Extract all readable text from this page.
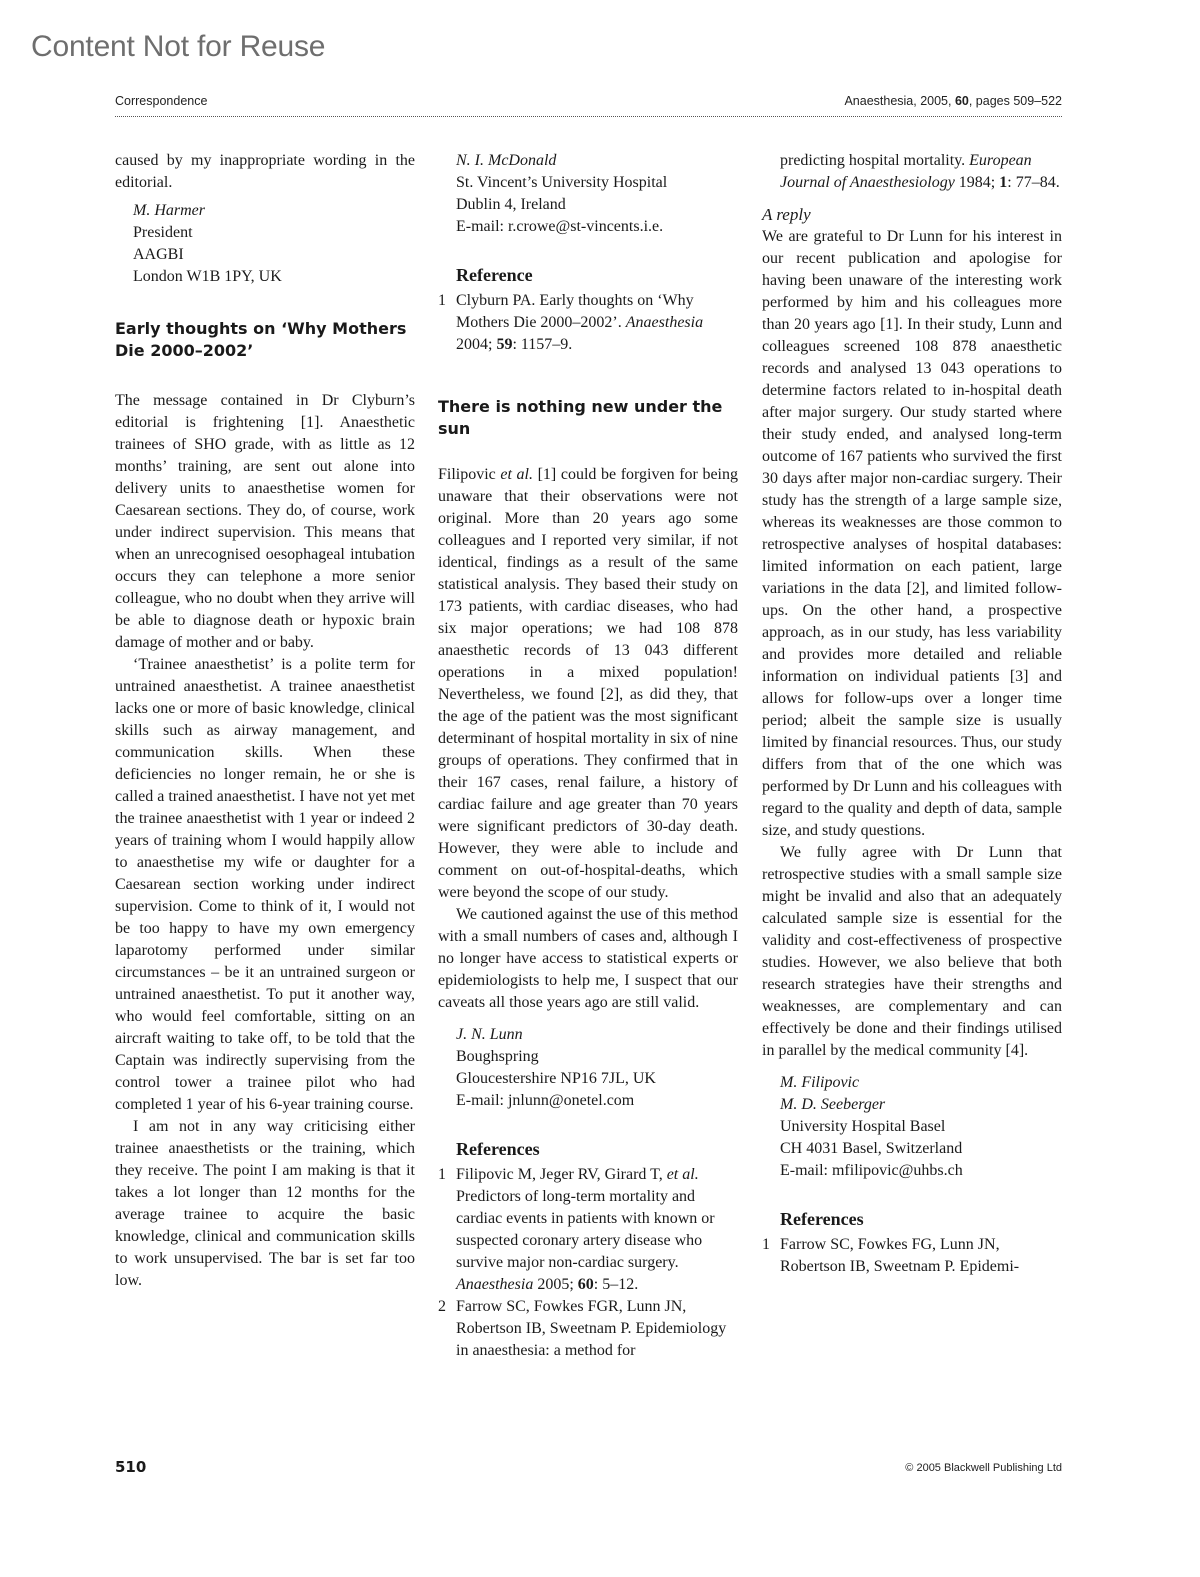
Content Not for Reuse
Correspondence	Anaesthesia, 2005, 60, pages 509–522

caused by my inappropriate wording in the editorial.

M. Harmer
President
AAGBI
London W1B 1PY, UK
Early thoughts on ‘Why Mothers Die 2000–2002’

The message contained in Dr Clyburn’s editorial is frightening [1]. Anaesthetic trainees of SHO grade, with as little as 12 months’ training, are sent out alone into delivery units to anaesthetise women for Caesarean sections. They do, of course, work under indirect supervision. This means that when an unrecognised oesophageal intubation occurs they can telephone a more senior colleague, who no doubt when they arrive will be able to diagnose death or hypoxic brain damage of mother and or baby.

‘Trainee anaesthetist’ is a polite term for untrained anaesthetist. A trainee anaesthetist lacks one or more of basic knowledge, clinical skills such as airway management, and communication skills. When these deficiencies no longer remain, he or she is called a trained anaesthetist. I have not yet met the trainee anaesthetist with 1 year or indeed 2 years of training whom I would happily allow to anaesthetise my wife or daughter for a Caesarean section working under indirect supervision. Come to think of it, I would not be too happy to have my own emergency laparotomy performed under similar circumstances – be it an untrained surgeon or untrained anaesthetist. To put it another way, who would feel comfortable, sitting on an aircraft waiting to take off, to be told that the Captain was indirectly supervising from the control tower a trainee pilot who had completed 1 year of his 6-year training course.

I am not in any way criticising either trainee anaesthetists or the training, which they receive. The point I am making is that it takes a lot longer than 12 months for the average trainee to acquire the basic knowledge, clinical and communication skills to work unsupervised. The bar is set far too low.

N. I. McDonald
St. Vincent’s University Hospital
Dublin 4, Ireland
E-mail: r.crowe@st-vincents.i.e.
Reference
1 Clyburn PA. Early thoughts on ‘Why Mothers Die 2000–2002’. Anaesthesia 2004; 59: 1157–9.
There is nothing new under the sun

Filipovic et al. [1] could be forgiven for being unaware that their observations were not original. More than 20 years ago some colleagues and I reported very similar, if not identical, findings as a result of the same statistical analysis. They based their study on 173 patients, with cardiac diseases, who had six major operations; we had 108 878 anaesthetic records of 13 043 different operations in a mixed population! Nevertheless, we found [2], as did they, that the age of the patient was the most significant determinant of hospital mortality in six of nine groups of operations. They confirmed that in their 167 cases, renal failure, a history of cardiac failure and age greater than 70 years were significant predictors of 30-day death. However, they were able to include and comment on out-of-hospital-deaths, which were beyond the scope of our study.

We cautioned against the use of this method with a small numbers of cases and, although I no longer have access to statistical experts or epidemiologists to help me, I suspect that our caveats all those years ago are still valid.

J. N. Lunn
Boughspring
Gloucestershire NP16 7JL, UK
E-mail: jnlunn@onetel.com
References
1 Filipovic M, Jeger RV, Girard T, et al. Predictors of long-term mortality and cardiac events in patients with known or suspected coronary artery disease who survive major non-cardiac surgery. Anaesthesia 2005; 60: 5–12.
2 Farrow SC, Fowkes FGR, Lunn JN, Robertson IB, Sweetnam P. Epidemiology in anaesthesia: a method for
predicting hospital mortality. European Journal of Anaesthesiology 1984; 1: 77–84.
A reply

We are grateful to Dr Lunn for his interest in our recent publication and apologise for having been unaware of the interesting work performed by him and his colleagues more than 20 years ago [1]. In their study, Lunn and colleagues screened 108 878 anaesthetic records and analysed 13 043 operations to determine factors related to in-hospital death after major surgery. Our study started where their study ended, and analysed long-term outcome of 167 patients who survived the first 30 days after major non-cardiac surgery. Their study has the strength of a large sample size, whereas its weaknesses are those common to retrospective analyses of hospital databases: limited information on each patient, large variations in the data [2], and limited follow-ups. On the other hand, a prospective approach, as in our study, has less variability and provides more detailed and reliable information on individual patients [3] and allows for follow-ups over a longer time period; albeit the sample size is usually limited by financial resources. Thus, our study differs from that of the one which was performed by Dr Lunn and his colleagues with regard to the quality and depth of data, sample size, and study questions.

We fully agree with Dr Lunn that retrospective studies with a small sample size might be invalid and also that an adequately calculated sample size is essential for the validity and cost-effectiveness of prospective studies. However, we also believe that both research strategies have their strengths and weaknesses, are complementary and can effectively be done and their findings utilised in parallel by the medical community [4].

M. Filipovic
M. D. Seeberger
University Hospital Basel
CH 4031 Basel, Switzerland
E-mail: mfilipovic@uhbs.ch
References
1 Farrow SC, Fowkes FG, Lunn JN, Robertson IB, Sweetnam P. Epidemi-
510	© 2005 Blackwell Publishing Ltd
